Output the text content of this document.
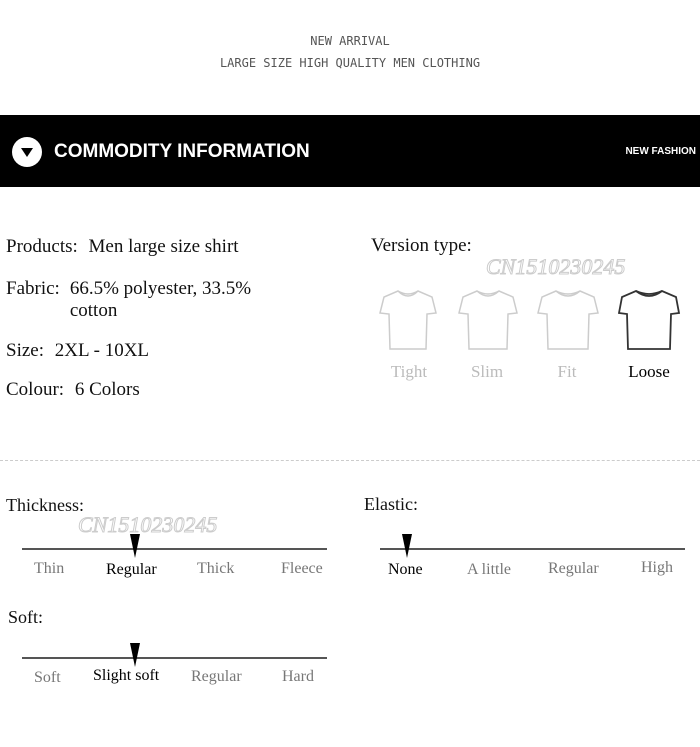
NEW ARRIVAL
LARGE SIZE HIGH QUALITY MEN CLOTHING
COMMODITY INFORMATION	NEW FASHION
Products: Men large size shirt
Fabric: 66.5% polyester, 33.5% cotton
Size: 2XL - 10XL
Colour: 6 Colors
Version type:
CN1510230245
Tight	Slim	Fit	Loose
Thickness:
CN1510230245
Thin	Regular	Thick	Fleece
Elastic:
None	A little Regular	High
Soft:
Soft Slight soft Regular	Hard
